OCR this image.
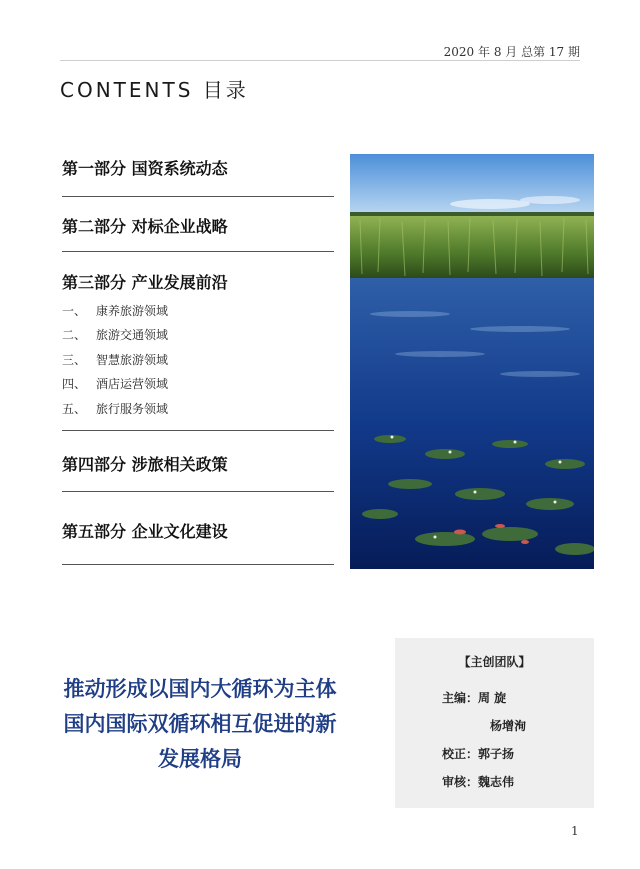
2020 年 8 月 总第 17 期
CONTENTS 目录
第一部分 国资系统动态
第二部分 对标企业战略
第三部分 产业发展前沿
一、 康养旅游领域
二、 旅游交通领域
三、 智慧旅游领域
四、 酒店运营领域
五、 旅行服务领域
第四部分 涉旅相关政策
第五部分 企业文化建设
推动形成以国内大循环为主体
国内国际双循环相互促进的新
发展格局
【主创团队】
主编：周 旋
杨增洵
校正：郭子扬
审核：魏志伟
1
